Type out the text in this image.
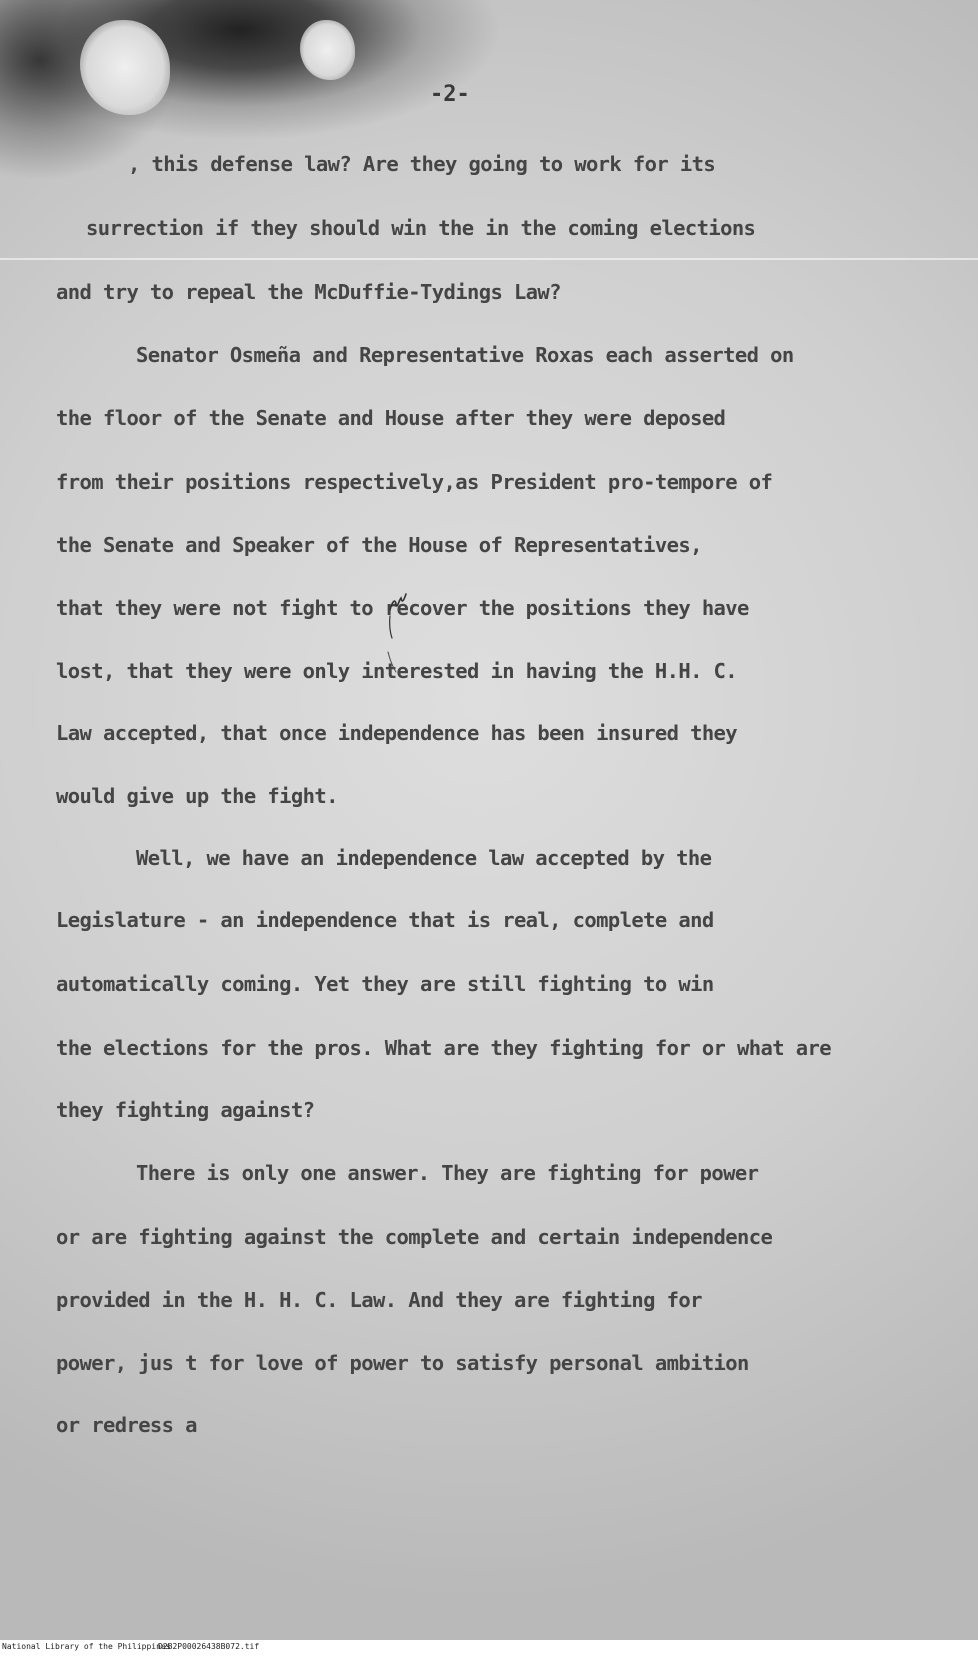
-2-

, this defense law? Are they going to work for its
surrection if they should win the in the coming elections
and try to repeal the McDuffie-Tydings Law?
Senator Osmeña and Representative Roxas each asserted on
the floor of the Senate and House after they were deposed
from their positions respectively,as President pro-tempore of
the Senate and Speaker of the House of Representatives,
that they were not fight to recover the positions they have
lost, that they were only interested in having the H.H. C.
Law accepted, that once independence has been insured they
would give up the fight.
Well, we have an independence law accepted by the
Legislature - an independence that is real, complete and
automatically coming. Yet they are still fighting to win
the elections for the pros. What are they fighting for or what are
they fighting against?
There is only one answer. They are fighting for power
or are fighting against the complete and certain independence
provided in the H. H. C. Law. And they are fighting for
power, jus t for love of power to satisfy personal ambition
or redress a
National Library of the Philippines
D2B2P00026438B072.tif
